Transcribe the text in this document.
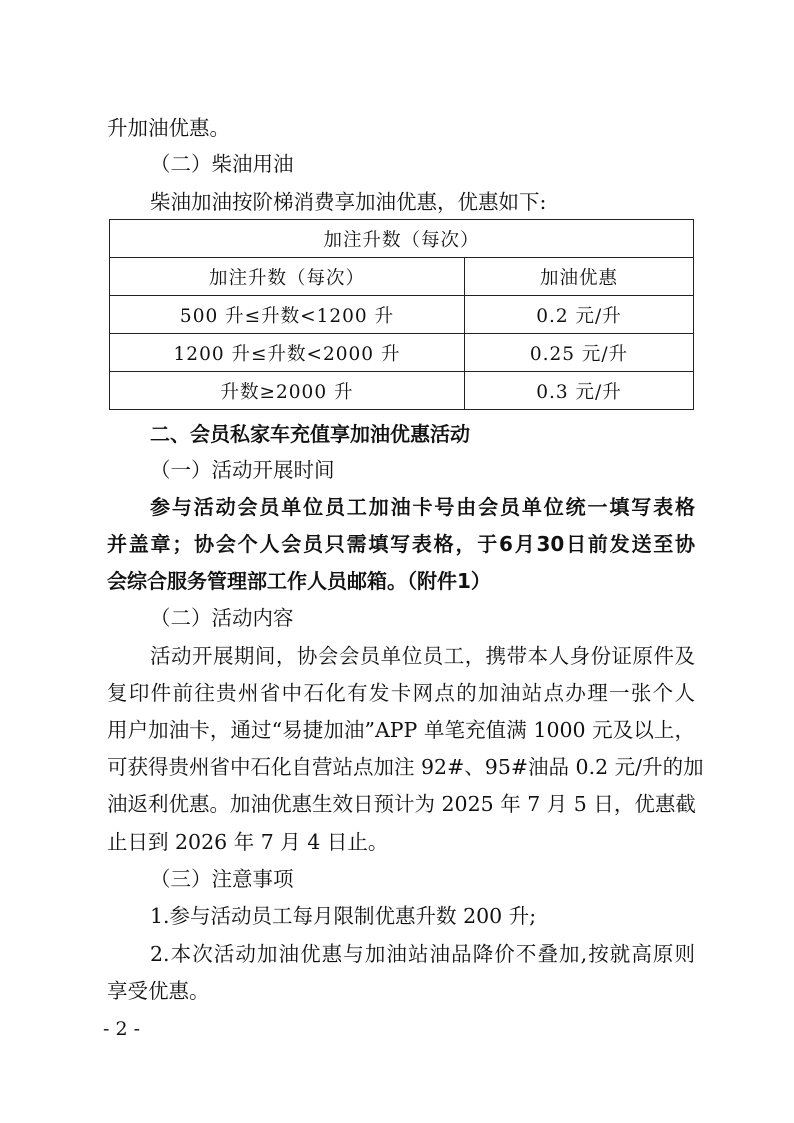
升加油优惠。
（二）柴油用油
柴油加油按阶梯消费享加油优惠，优惠如下:
加注升数（每次）	
加注升数（每次）	加油优惠
500 升≤升数<1200 升	0.2 元/升
1200 升≤升数<2000 升	0.25 元/升
升数≥2000 升	0.3 元/升
二、会员私家车充值享加油优惠活动
（一）活动开展时间
参与活动会员单位员工加油卡号由会员单位统一填写表格
并盖章；协会个人会员只需填写表格，于6月30日前发送至协
会综合服务管理部工作人员邮箱。（附件1）
（二）活动内容
活动开展期间，协会会员单位员工，携带本人身份证原件及
复印件前往贵州省中石化有发卡网点的加油站点办理一张个人
用户加油卡，通过“易捷加油”APP 单笔充值满 1000 元及以上，
可获得贵州省中石化自营站点加注 92#、95#油品 0.2 元/升的加
油返利优惠。加油优惠生效日预计为 2025 年 7 月 5 日，优惠截
止日到 2026 年 7 月 4 日止。
（三）注意事项
1.参与活动员工每月限制优惠升数 200 升;
2.本次活动加油优惠与加油站油品降价不叠加,按就高原则
享受优惠。
- 2 -
